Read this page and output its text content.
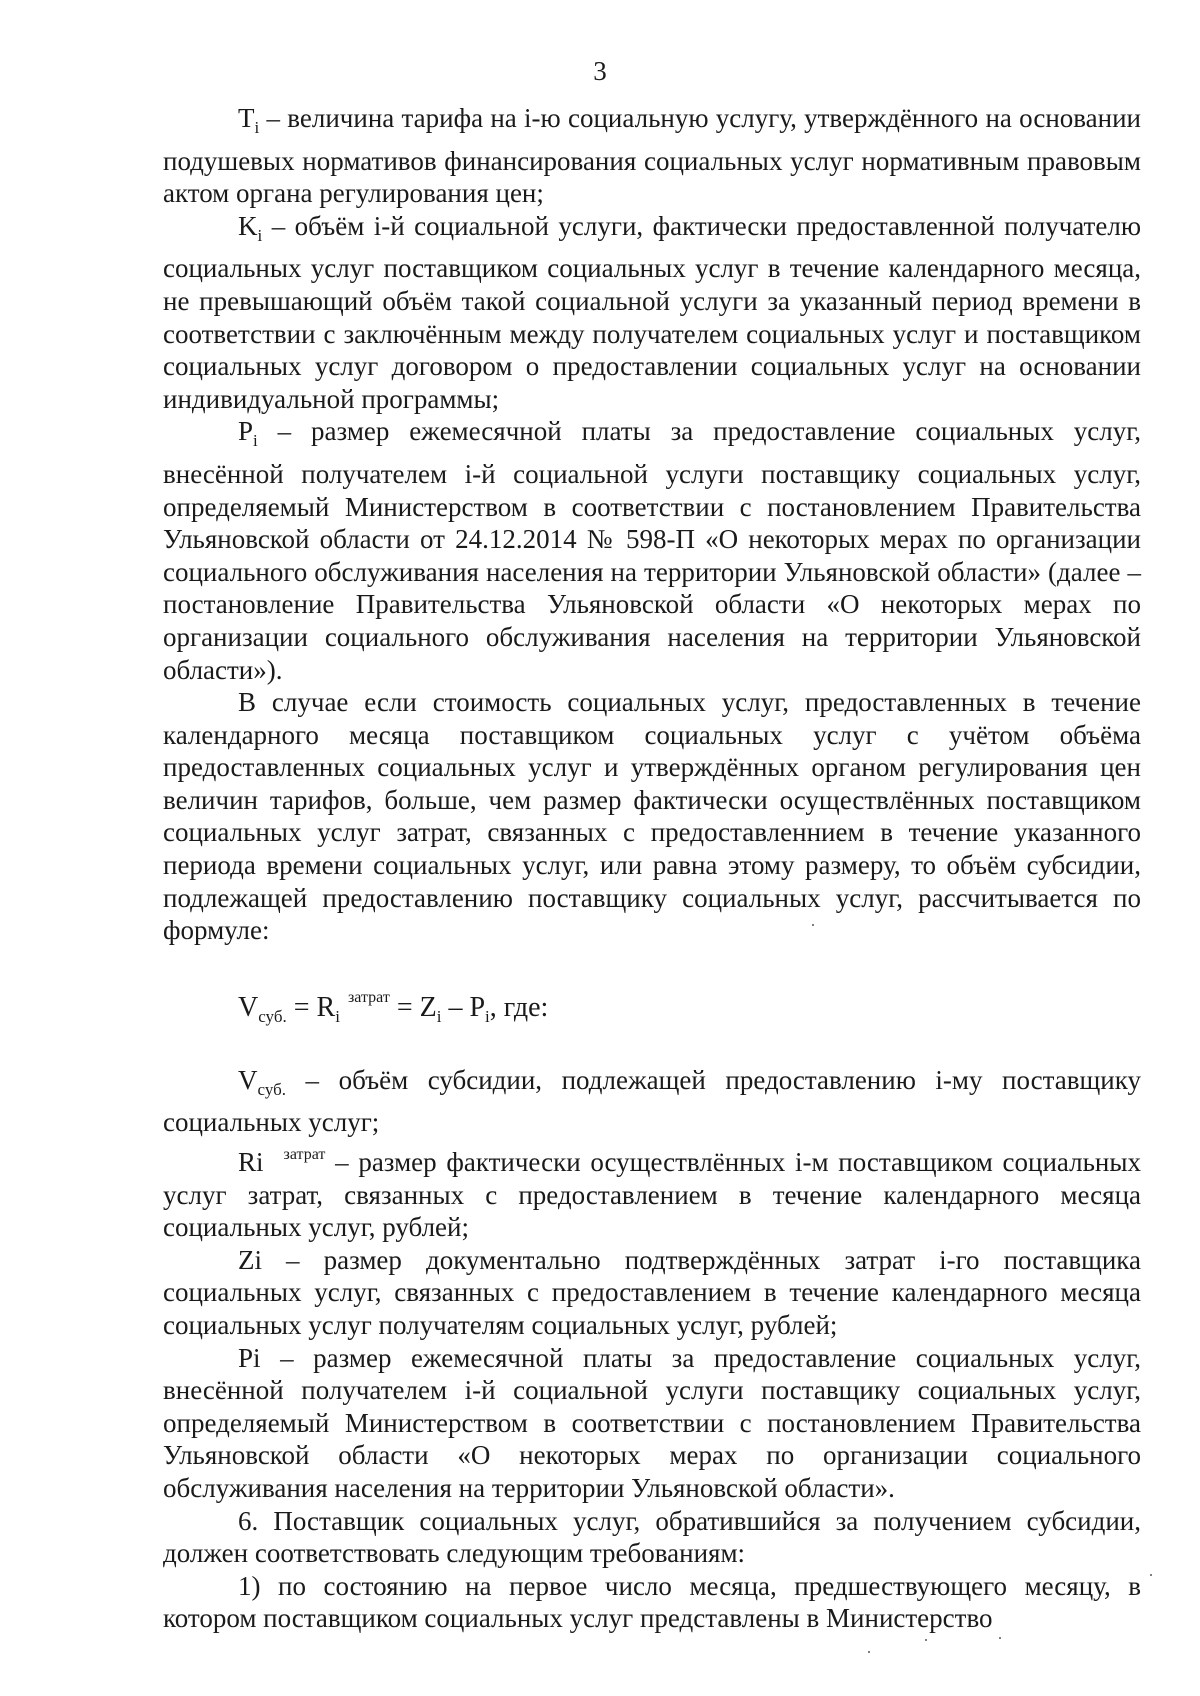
3

$T_i$ – величина тарифа на i-ю социальную услугу, утверждённого на основании подушевых нормативов финансирования социальных услуг нормативным правовым актом органа регулирования цен;

$K_i$ – объём i-й социальной услуги, фактически предоставленной получателю социальных услуг поставщиком социальных услуг в течение календарного месяца, не превышающий объём такой социальной услуги за указанный период времени в соответствии с заключённым между получателем социальных услуг и поставщиком социальных услуг договором о предоставлении социальных услуг на основании индивидуальной программы;

$P_i$ – размер ежемесячной платы за предоставление социальных услуг, внесённой получателем i-й социальной услуги поставщику социальных услуг, определяемый Министерством в соответствии с постановлением Правительства Ульяновской области от 24.12.2014 № 598-П «О некоторых мерах по организации социального обслуживания населения на территории Ульяновской области» (далее – постановление Правительства Ульяновской области «О некоторых мерах по организации социального обслуживания населения на территории Ульяновской области»).

В случае если стоимость социальных услуг, предоставленных в течение календарного месяца поставщиком социальных услуг с учётом объёма предоставленных социальных услуг и утверждённых органом регулирования цен величин тарифов, больше, чем размер фактически осуществлённых поставщиком социальных услуг затрат, связанных с предоставленнием в течение указанного периода времени социальных услуг, или равна этому размеру, то объём субсидии, подлежащей предоставлению поставщику социальных услуг, рассчитывается по формуле:

$V_{суб.} = R_i^{затрат} = Z_i - P_i$, где:

$V_{суб.}$ – объём субсидии, подлежащей предоставлению i-му поставщику социальных услуг;

Ri $^{затрат}$ – размер фактически осуществлённых i-м поставщиком социальных услуг затрат, связанных с предоставлением в течение календарного месяца социальных услуг, рублей;

Zi – размер документально подтверждённых затрат i-го поставщика социальных услуг, связанных с предоставлением в течение календарного месяца социальных услуг получателям социальных услуг, рублей;

Pi – размер ежемесячной платы за предоставление социальных услуг, внесённой получателем i-й социальной услуги поставщику социальных услуг, определяемый Министерством в соответствии с постановлением Правительства Ульяновской области «О некоторых мерах по организации социального обслуживания населения на территории Ульяновской области».

6. Поставщик социальных услуг, обратившийся за получением субсидии, должен соответствовать следующим требованиям:

1) по состоянию на первое число месяца, предшествующего месяцу, в котором поставщиком социальных услуг представлены в Министерство
